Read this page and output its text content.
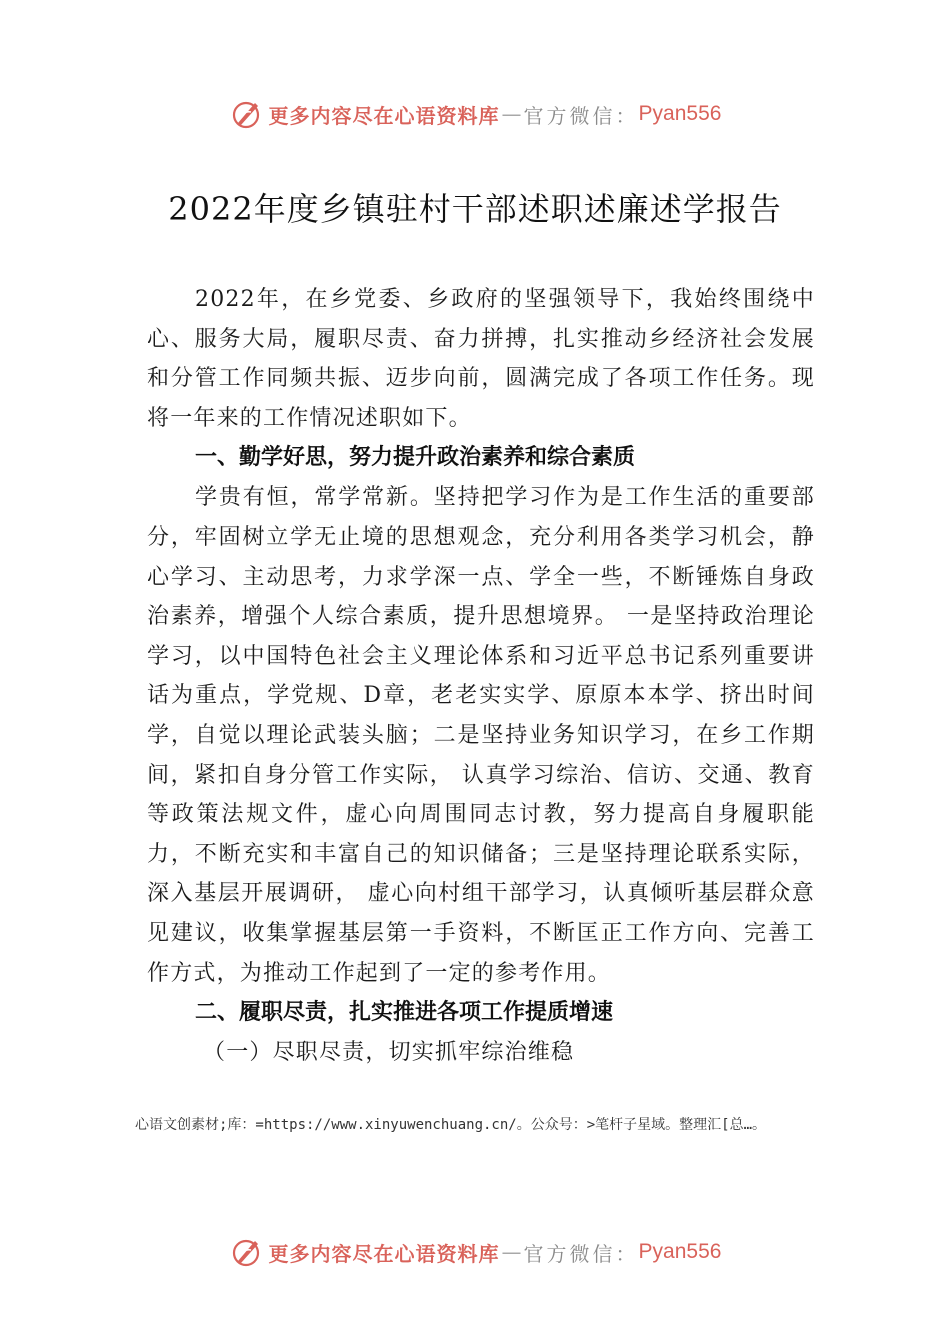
更多内容尽在心语资料库 — 官方微信： Pyan556
2022年度乡镇驻村干部述职述廉述学报告

2022年，在乡党委、乡政府的坚强领导下，我始终围绕中心、服务大局，履职尽责、奋力拼搏，扎实推动乡经济社会发展和分管工作同频共振、迈步向前，圆满完成了各项工作任务。现将一年来的工作情况述职如下。

一、勤学好思，努力提升政治素养和综合素质

学贵有恒，常学常新。坚持把学习作为是工作生活的重要部分，牢固树立学无止境的思想观念，充分利用各类学习机会，静心学习、主动思考，力求学深一点、学全一些，不断锤炼自身政治素养，增强个人综合素质，提升思想境界。 一是坚持政治理论学习，以中国特色社会主义理论体系和习近平总书记系列重要讲话为重点，学党规、D章，老老实实学、原原本本学、挤出时间学，自觉以理论武装头脑；二是坚持业务知识学习，在乡工作期间，紧扣自身分管工作实际， 认真学习综治、信访、交通、教育等政策法规文件，虚心向周围同志讨教，努力提高自身履职能力，不断充实和丰富自己的知识储备；三是坚持理论联系实际，深入基层开展调研， 虚心向村组干部学习，认真倾听基层群众意见建议，收集掌握基层第一手资料，不断匡正工作方向、完善工作方式，为推动工作起到了一定的参考作用。

二、履职尽责，扎实推进各项工作提质增速

（一）尽职尽责，切实抓牢综治维稳

心语文创素材;库：=https://www.xinyuwenchuang.cn/。公众号：>笔杆子星域。整理汇[总…。
更多内容尽在心语资料库 — 官方微信： Pyan556
